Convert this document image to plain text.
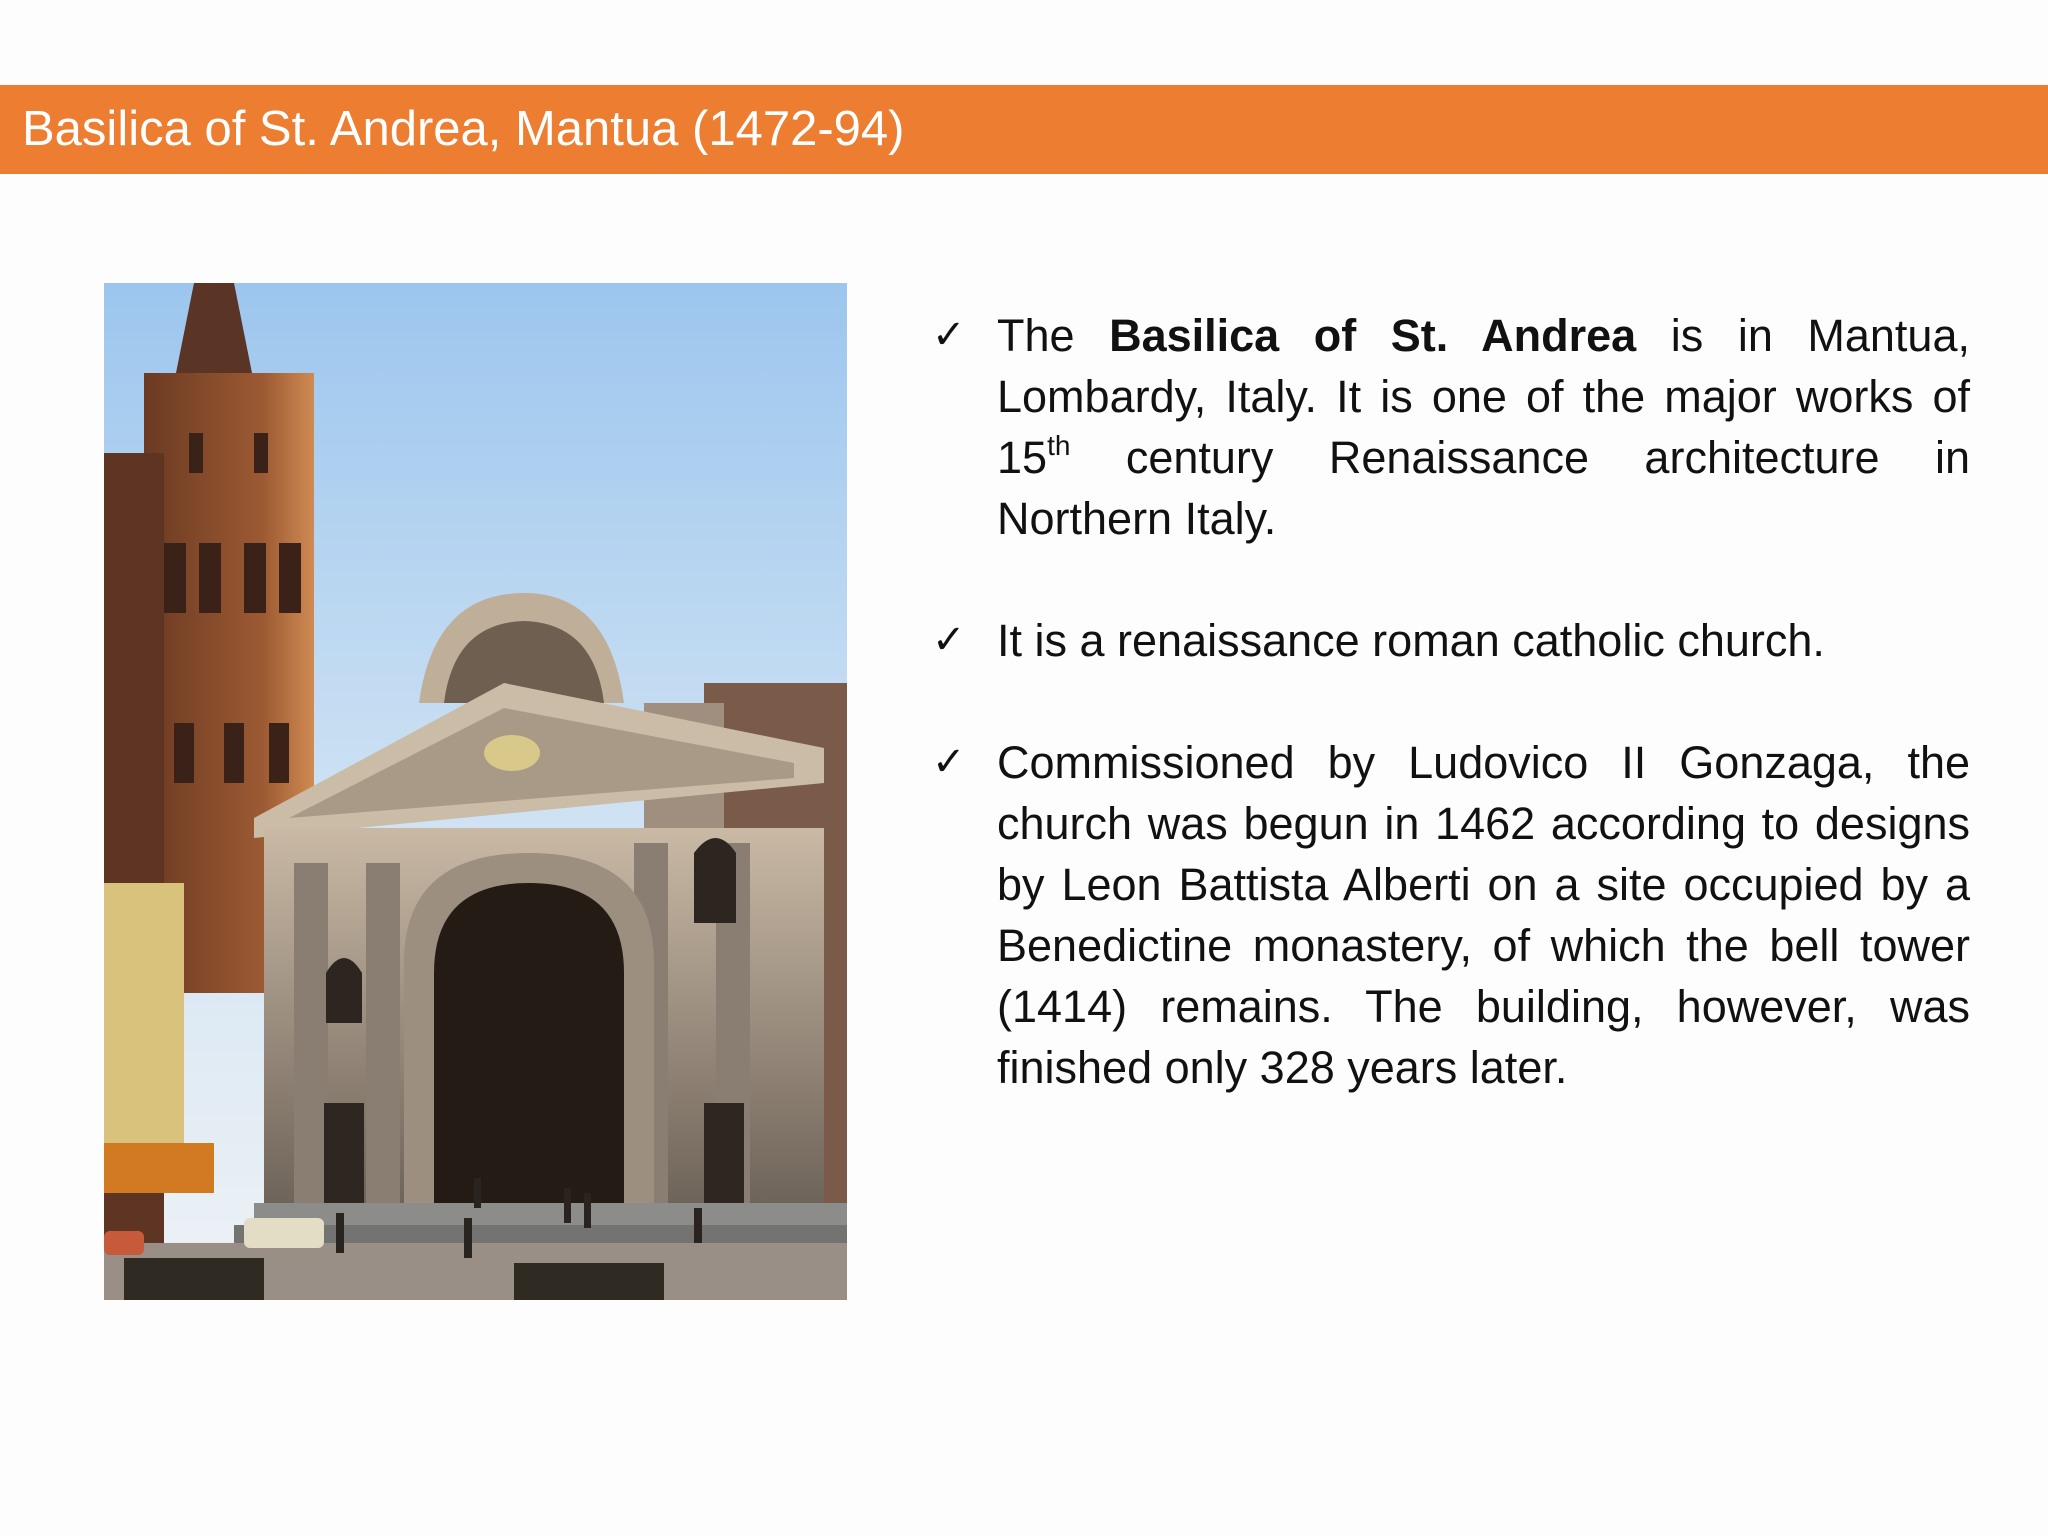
Basilica of St. Andrea, Mantua (1472-94)
✓ The Basilica of St. Andrea is in Mantua, Lombardy, Italy. It is one of the major works of 15th century Renaissance architecture in Northern Italy.
✓ It is a renaissance roman catholic church.
✓ Commissioned by Ludovico II Gonzaga, the church was begun in 1462 according to designs by Leon Battista Alberti on a site occupied by a Benedictine monastery, of which the bell tower (1414) remains. The building, however, was finished only 328 years later.
